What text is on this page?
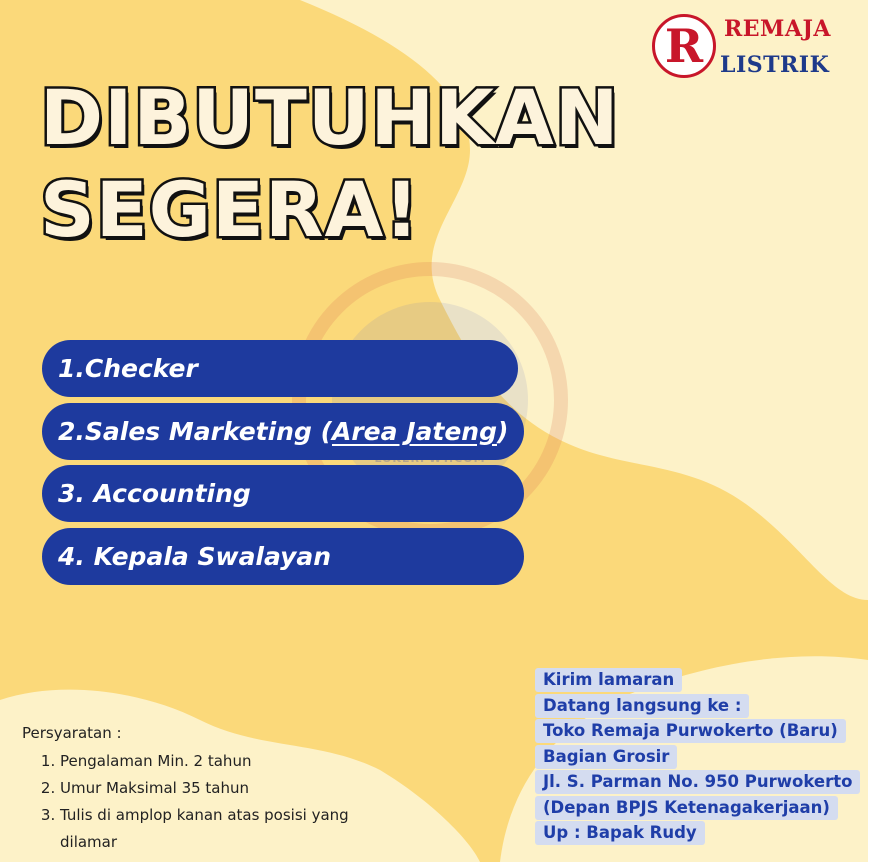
R REMAJA
LISTRIK
DIBUTUHKAN
SEGERA!
1.Checker
2.Sales Marketing ( Area Jateng )
3. Accounting
4. Kepala Swalayan

Persyaratan :

1. Pengalaman Min. 2 tahun
2. Umur Maksimal 35 tahun
3. Tulis di amplop kanan atas posisi yang
dilamar
Kirim lamaran
Datang langsung ke :
Toko Remaja Purwokerto (Baru)
Bagian Grosir
Jl. S. Parman No. 950 Purwokerto
(Depan BPJS Ketenagakerjaan)
Up : Bapak Rudy
